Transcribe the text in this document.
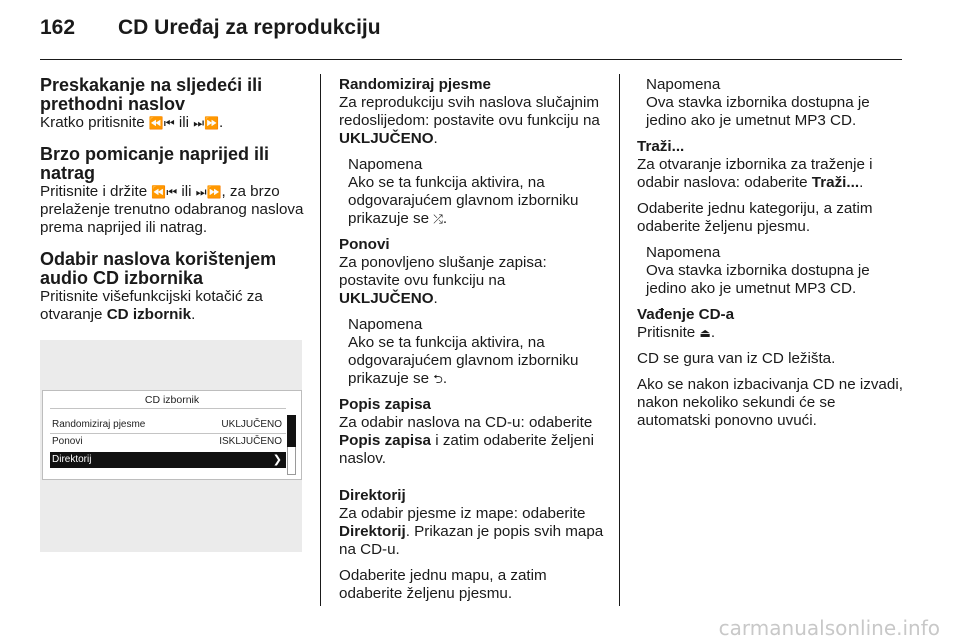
162 CD Uređaj za reprodukciju
Preskakanje na sljedeći ili prethodni naslov

Kratko pritisnite ⏪⏮ ili ⏭⏩.

Brzo pomicanje naprijed ili natrag

Pritisnite i držite ⏪⏮ ili ⏭⏩, za brzo prelaženje trenutno odabranog naslova prema naprijed ili natrag.

Odabir naslova korištenjem audio CD izbornika

Pritisnite višefunkcijski kotačić za otvaranje CD izbornik.

CD izbornik
Randomiziraj pjesme	UKLJUČENO
Ponovi	ISKLJUČENO
Direktorij	❯
Randomiziraj pjesme

Za reprodukciju svih naslova slučajnim redoslijedom: postavite ovu funkciju na UKLJUČENO.

Napomena

Ako se ta funkcija aktivira, na odgovarajućem glavnom izborniku prikazuje se ⤮.

Ponovi

Za ponovljeno slušanje zapisa: postavite ovu funkciju na UKLJUČENO.

Napomena

Ako se ta funkcija aktivira, na odgovarajućem glavnom izborniku prikazuje se ⮌.

Popis zapisa

Za odabir naslova na CD-u: odaberite Popis zapisa i zatim odaberite željeni naslov.

Direktorij

Za odabir pjesme iz mape: odaberite Direktorij. Prikazan je popis svih mapa na CD-u.

Odaberite jednu mapu, a zatim odaberite željenu pjesmu.

Napomena

Ova stavka izbornika dostupna je jedino ako je umetnut MP3 CD.

Traži...

Za otvaranje izbornika za traženje i odabir naslova: odaberite Traži....

Odaberite jednu kategoriju, a zatim odaberite željenu pjesmu.

Napomena

Ova stavka izbornika dostupna je jedino ako je umetnut MP3 CD.

Vađenje CD-a

Pritisnite ⏏.

CD se gura van iz CD ležišta.

Ako se nakon izbacivanja CD ne izvadi, nakon nekoliko sekundi će se automatski ponovno uvući.

carmanualsonline.info
